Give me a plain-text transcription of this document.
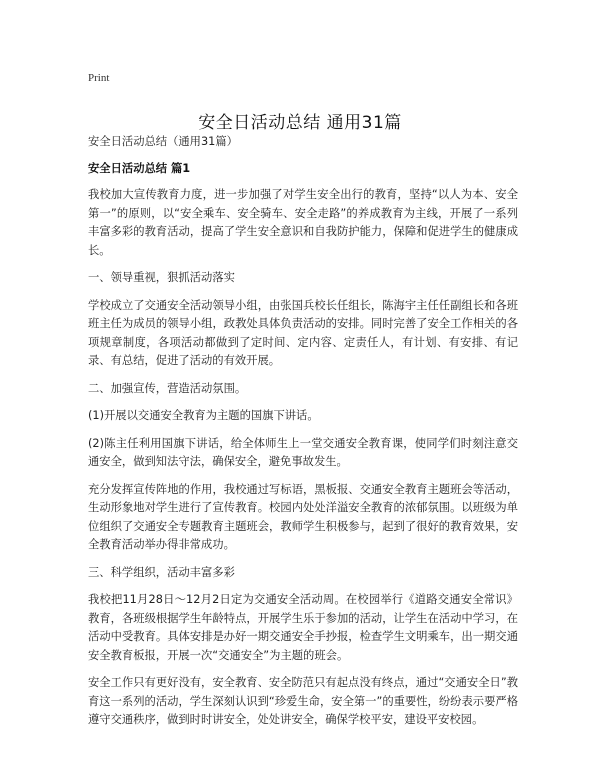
Print
安全日活动总结 通用31篇

安全日活动总结（通用31篇）

安全日活动总结 篇1

我校加大宣传教育力度，进一步加强了对学生安全出行的教育，坚持“以人为本、安全第一”的原则，以“安全乘车、安全骑车、安全走路”的养成教育为主线，开展了一系列丰富多彩的教育活动，提高了学生安全意识和自我防护能力，保障和促进学生的健康成长。

一、领导重视，狠抓活动落实

学校成立了交通安全活动领导小组，由张国兵校长任组长，陈海宇主任任副组长和各班班主任为成员的领导小组，政教处具体负责活动的安排。同时完善了安全工作相关的各项规章制度，各项活动都做到了定时间、定内容、定责任人，有计划、有安排、有记录、有总结，促进了活动的有效开展。

二、加强宣传，营造活动氛围。

(1)开展以交通安全教育为主题的国旗下讲话。

(2)陈主任利用国旗下讲话，给全体师生上一堂交通安全教育课，使同学们时刻注意交通安全，做到知法守法，确保安全，避免事故发生。

充分发挥宣传阵地的作用，我校通过写标语，黑板报、交通安全教育主题班会等活动，生动形象地对学生进行了宣传教育。校园内处处洋溢安全教育的浓郁氛围。以班级为单位组织了交通安全专题教育主题班会，教师学生积极参与，起到了很好的教育效果，安全教育活动举办得非常成功。

三、科学组织，活动丰富多彩

我校把11月28日～12月2日定为交通安全活动周。在校园举行《道路交通安全常识》教育，各班级根据学生年龄特点，开展学生乐于参加的活动，让学生在活动中学习，在活动中受教育。具体安排是办好一期交通安全手抄报，检查学生文明乘车，出一期交通安全教育板报，开展一次“交通安全”为主题的班会。

安全工作只有更好没有，安全教育、安全防范只有起点没有终点，通过“交通安全日”教育这一系列的活动，学生深刻认识到“珍爱生命，安全第一”的重要性，纷纷表示要严格遵守交通秩序，做到时时讲安全，处处讲安全，确保学校平安，建设平安校园。
